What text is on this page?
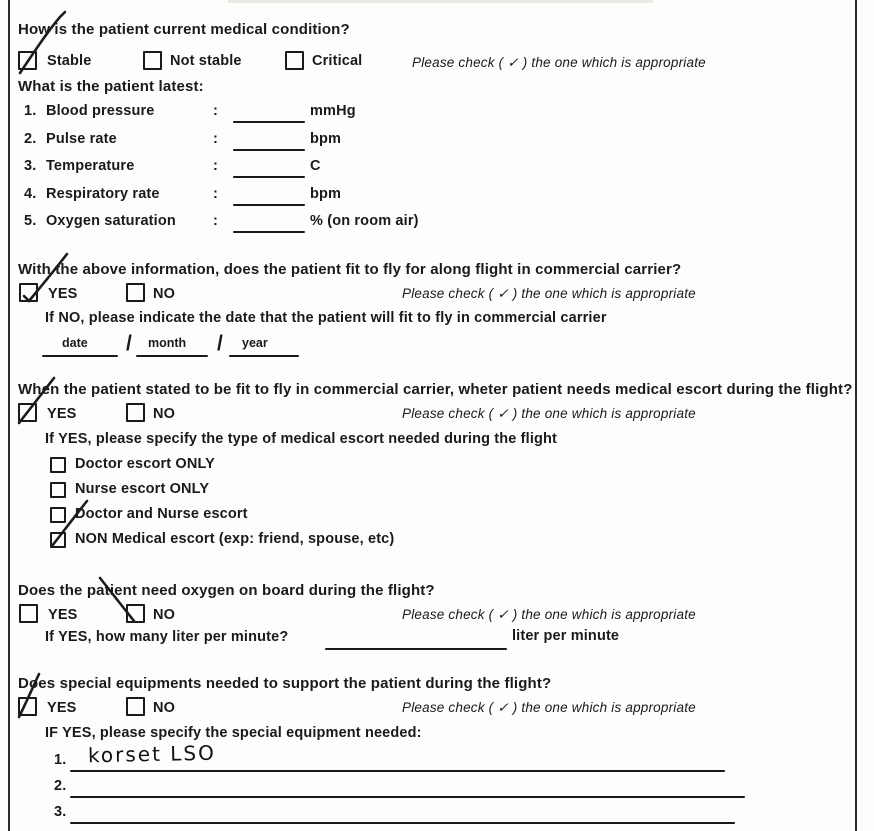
How is the patient current medical condition?
Stable	Not stable	Critical	Please check ( ✓ ) the one which is appropriate
What is the patient latest:
1. Blood pressure	:	mmHg
2. Pulse rate	:	bpm
3. Temperature	:	C
4. Respiratory rate	:	bpm
5. Oxygen saturation	:	% (on room air)
With the above information, does the patient fit to fly for along flight in commercial carrier?
YES	NO	Please check ( ✓ ) the one which is appropriate
If NO, please indicate the date that the patient will fit to fly in commercial carrier
date / month / year
When the patient stated to be fit to fly in commercial carrier, wheter patient needs medical escort during the flight?
YES	NO	Please check ( ✓ ) the one which is appropriate
If YES, please specify the type of medical escort needed during the flight
Doctor escort ONLY
Nurse escort ONLY
Doctor and Nurse escort
NON Medical escort (exp: friend, spouse, etc)
Does the patient need oxygen on board during the flight?
YES	NO	Please check ( ✓ ) the one which is appropriate
If YES, how many liter per minute?	liter per minute
Does special equipments needed to support the patient during the flight?
YES	NO	Please check ( ✓ ) the one which is appropriate
IF YES, please specify the special equipment needed:
1. korset LSO
2.
3.
